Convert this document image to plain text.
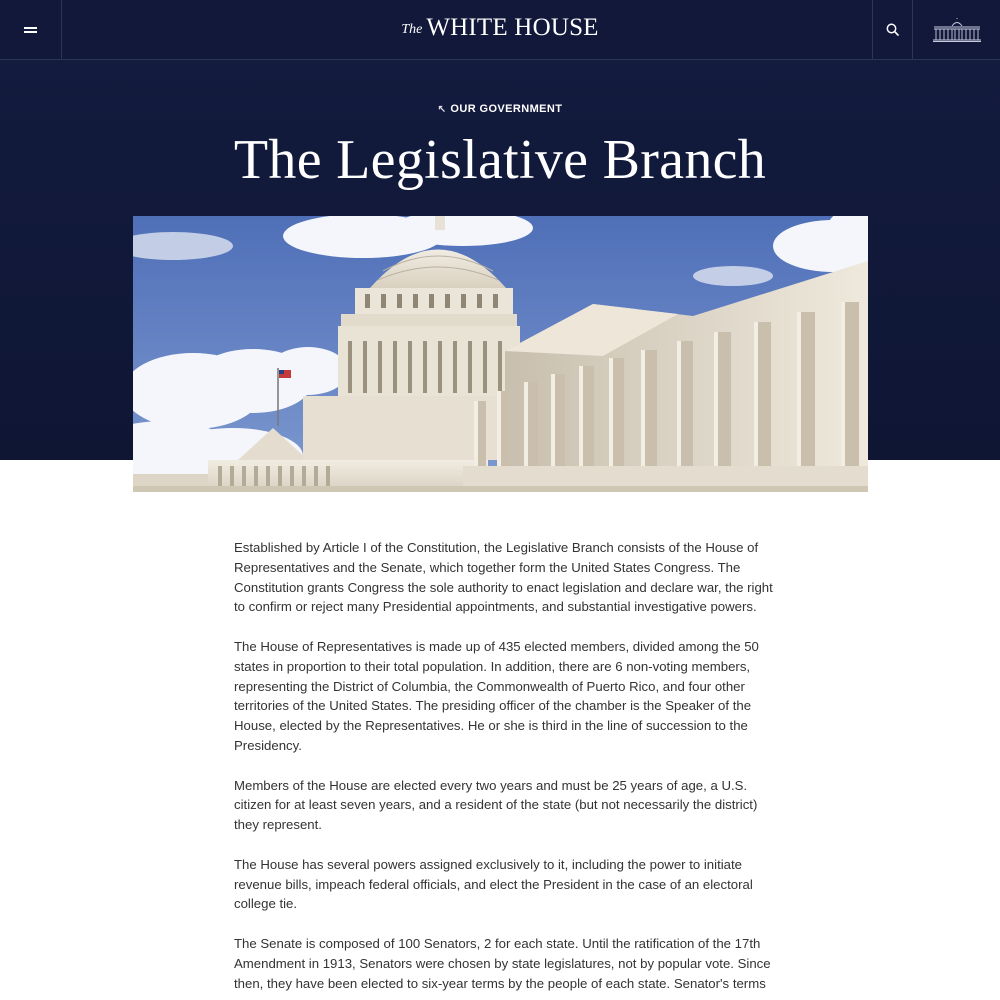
The WHITE HOUSE
↖ OUR GOVERNMENT
The Legislative Branch

Established by Article I of the Constitution, the Legislative Branch consists of the House of Representatives and the Senate, which together form the United States Congress. The Constitution grants Congress the sole authority to enact legislation and declare war, the right to confirm or reject many Presidential appointments, and substantial investigative powers.

The House of Representatives is made up of 435 elected members, divided among the 50 states in proportion to their total population. In addition, there are 6 non-voting members, representing the District of Columbia, the Commonwealth of Puerto Rico, and four other territories of the United States. The presiding officer of the chamber is the Speaker of the House, elected by the Representatives. He or she is third in the line of succession to the Presidency.

Members of the House are elected every two years and must be 25 years of age, a U.S. citizen for at least seven years, and a resident of the state (but not necessarily the district) they represent.

The House has several powers assigned exclusively to it, including the power to initiate revenue bills, impeach federal officials, and elect the President in the case of an electoral college tie.

The Senate is composed of 100 Senators, 2 for each state. Until the ratification of the 17th Amendment in 1913, Senators were chosen by state legislatures, not by popular vote. Since then, they have been elected to six-year terms by the people of each state. Senator's terms
